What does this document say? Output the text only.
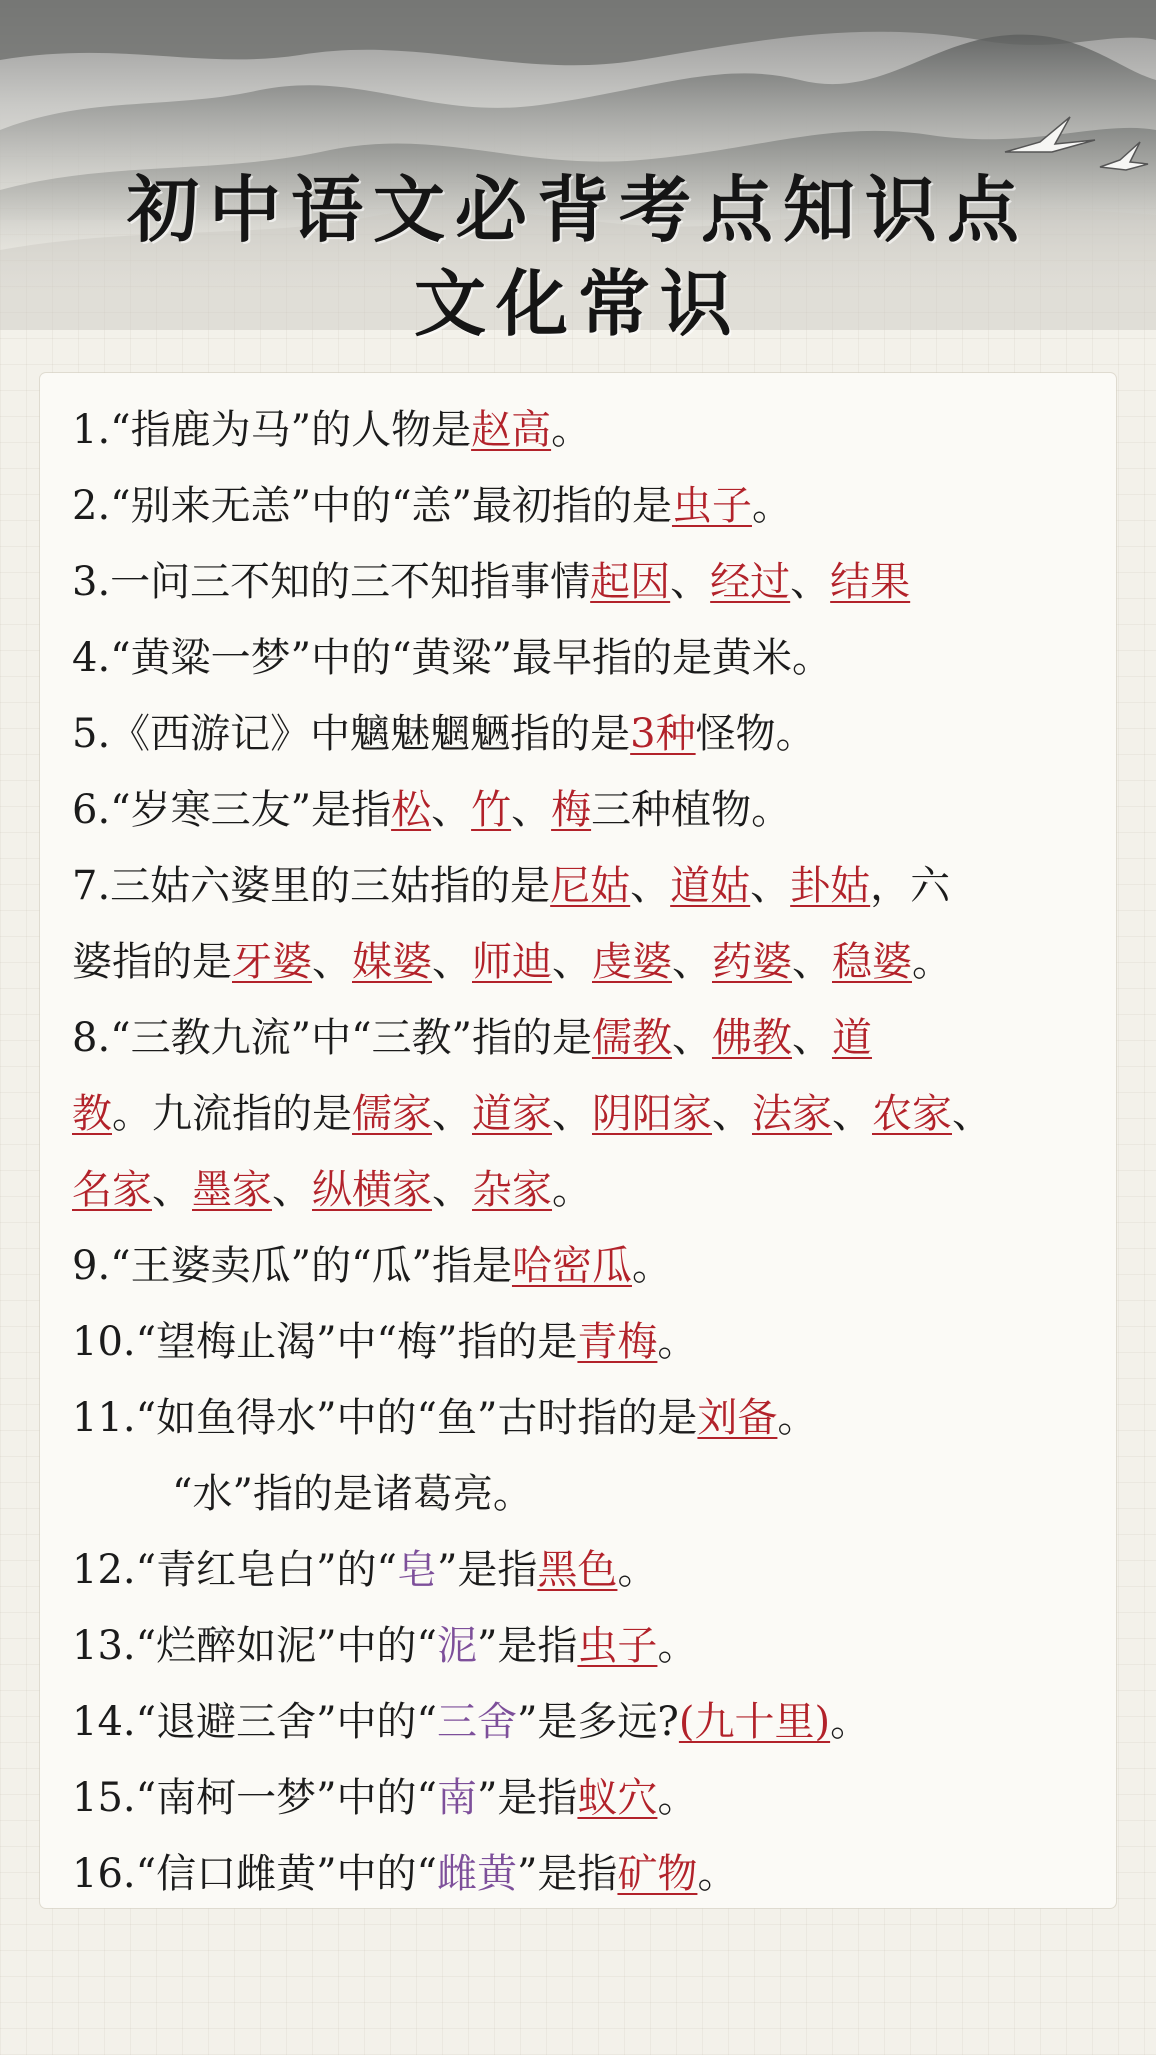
初中语文必背考点知识点
文化常识
1.“指鹿为马”的人物是赵高。
2.“别来无恙”中的“恙”最初指的是虫子。
3.一问三不知的三不知指事情起因、经过、结果
4.“黄粱一梦”中的“黄粱”最早指的是黄米。
5.《西游记》中魑魅魍魉指的是3种怪物。
6.“岁寒三友”是指松、竹、梅三种植物。
7.三姑六婆里的三姑指的是尼姑、道姑、卦姑，六
婆指的是牙婆、媒婆、师迪、虔婆、药婆、稳婆。
8.“三教九流”中“三教”指的是儒教、佛教、道
教。九流指的是儒家、道家、阴阳家、法家、农家、
名家、墨家、纵横家、杂家。
9.“王婆卖瓜”的“瓜”指是哈密瓜。
10.“望梅止渴”中“梅”指的是青梅。
11.“如鱼得水”中的“鱼”古时指的是刘备。
“水”指的是诸葛亮。
12.“青红皂白”的“皂”是指黑色。
13.“烂醉如泥”中的“泥”是指虫子。
14.“退避三舍”中的“三舍”是多远?(九十里)。
15.“南柯一梦”中的“南”是指蚁穴。
16.“信口雌黄”中的“雌黄”是指矿物。
